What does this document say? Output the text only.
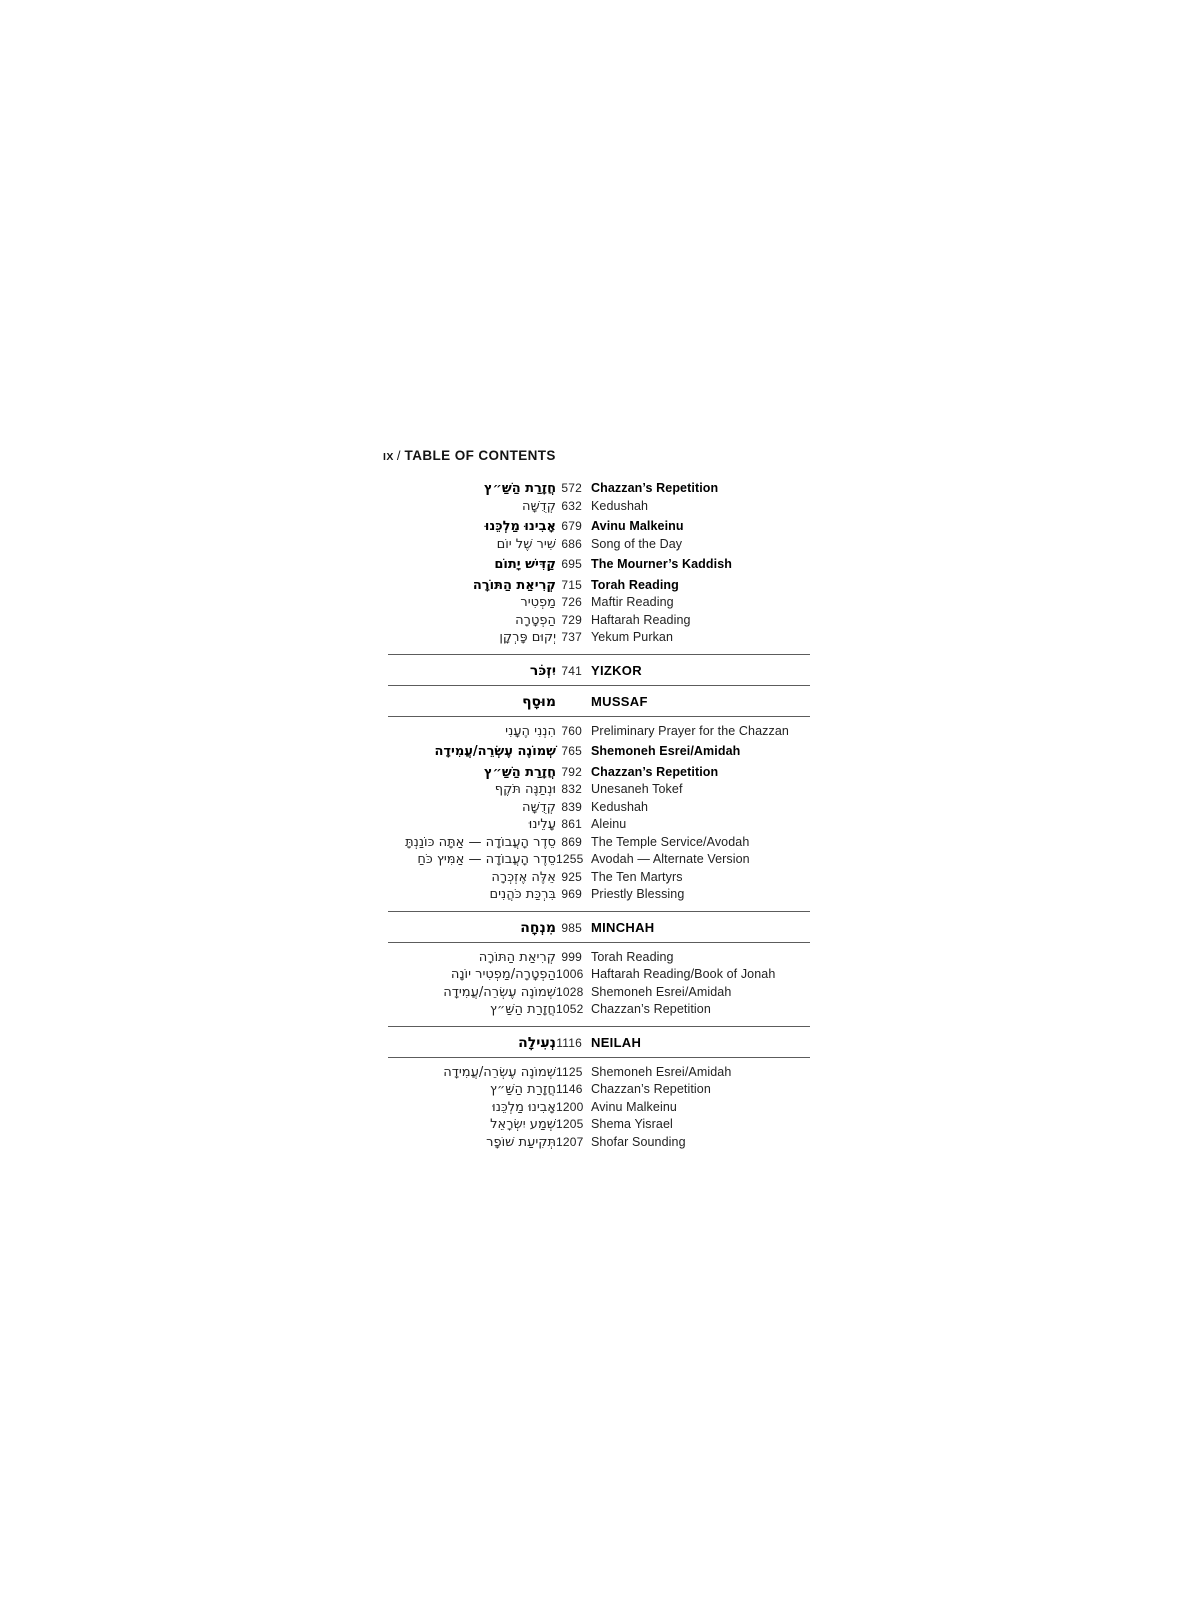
IX / TABLE OF CONTENTS
חֲזָרַת הַשַּׁ״ץ 572 Chazzan’s Repetition
קְדֻשָּׁה 632 Kedushah
אָבִינוּ מַלְכֵּנוּ 679 Avinu Malkeinu
שִׁיר שֶׁל יוֹם 686 Song of the Day
קַדִּישׁ יָתוֹם 695 The Mourner’s Kaddish
קְרִיאַת הַתּוֹרָה 715 Torah Reading
מַפְטִיר 726 Maftir Reading
הַפְטָרָה 729 Haftarah Reading
יְקוּם פָּרְקָן 737 Yekum Purkan
יִזְכֹּר 741 YIZKOR
מוּסָף	MUSSAF
הִנְנִי הֶעָנִי 760 Preliminary Prayer for the Chazzan
שְׁמוֹנֶה עֶשְׂרֵה/עֲמִידָה 765 Shemoneh Esrei/Amidah
חֲזָרַת הַשַּׁ״ץ 792 Chazzan’s Repetition
וּנְתַנֶּה תֹּקֶף 832 Unesaneh Tokef
קְדֻשָּׁה 839 Kedushah
עָלֵינוּ 861 Aleinu
סֵדֶר הָעֲבוֹדָה — אַתָּה כּוֹנַנְתָּ 869 The Temple Service/Avodah
סֵדֶר הָעֲבוֹדָה — אַמִּיץ כֹּחַ 1255 Avodah — Alternate Version
אֵלֶּה אֶזְכְּרָה 925 The Ten Martyrs
בִּרְכַּת כֹּהֲנִים 969 Priestly Blessing
מִנְחָה 985 MINCHAH
קְרִיאַת הַתּוֹרָה 999 Torah Reading
הַפְטָרָה/מַפְטִיר יוֹנָה 1006 Haftarah Reading/Book of Jonah
שְׁמוֹנֶה עֶשְׂרֵה/עֲמִידָה 1028 Shemoneh Esrei/Amidah
חֲזָרַת הַשַּׁ״ץ 1052 Chazzan’s Repetition
נְעִילָה 1116 NEILAH
שְׁמוֹנֶה עֶשְׂרֵה/עֲמִידָה 1125 Shemoneh Esrei/Amidah
חֲזָרַת הַשַּׁ״ץ 1146 Chazzan’s Repetition
אָבִינוּ מַלְכֵּנוּ 1200 Avinu Malkeinu
שְׁמַע יִשְׂרָאֵל 1205 Shema Yisrael
תְּקִיעַת שׁוֹפָר 1207 Shofar Sounding
